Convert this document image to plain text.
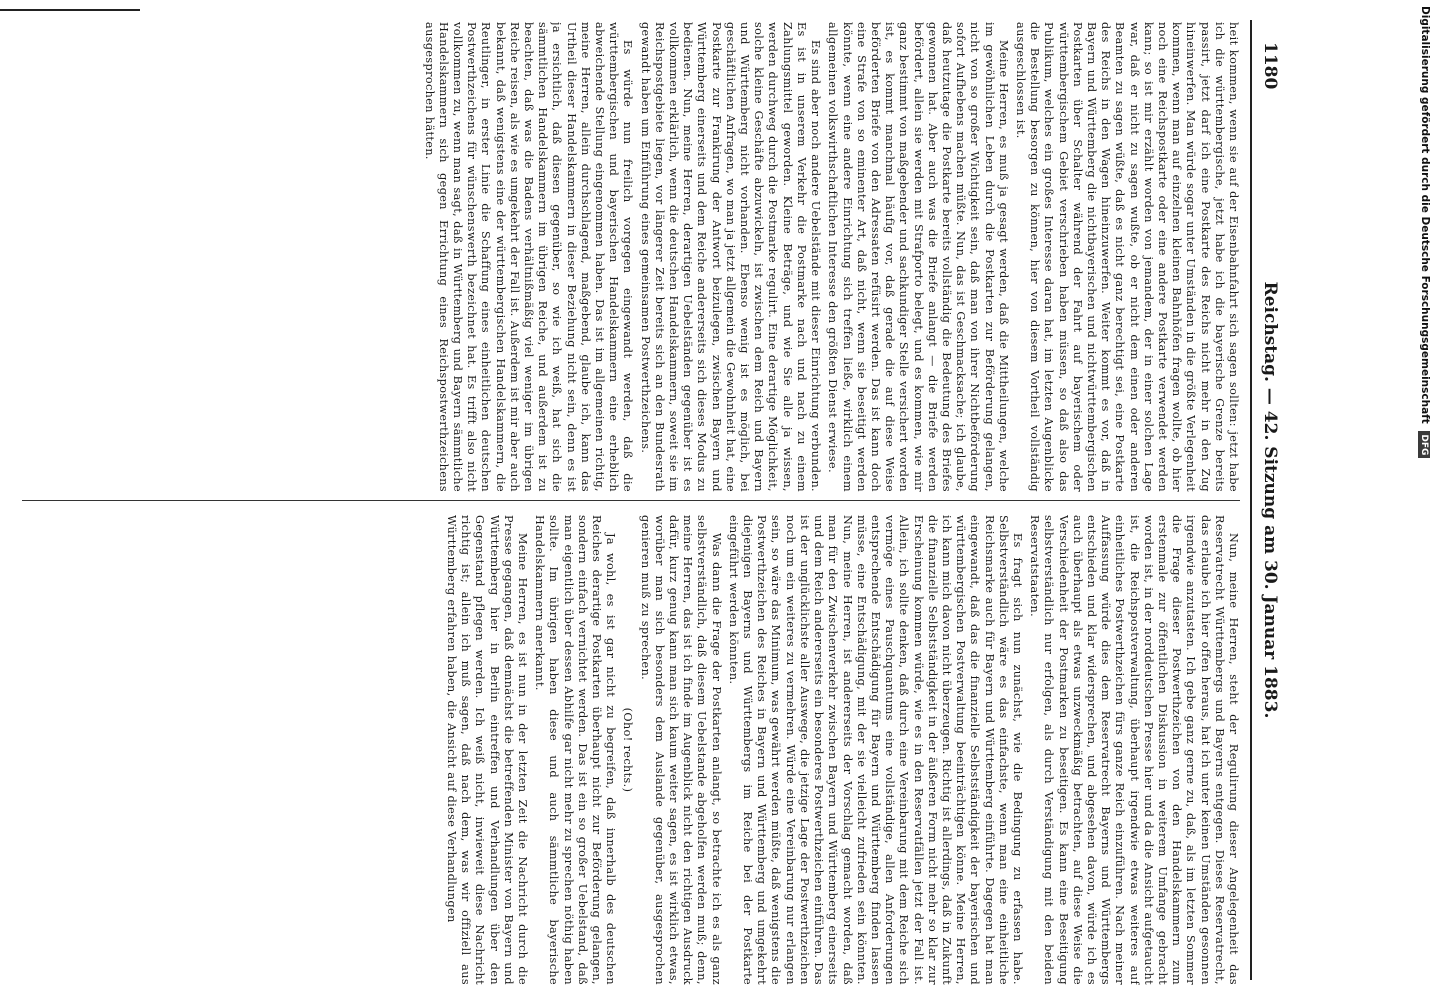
1180
Reichstag. — 42. Sitzung am 30. Januar 1883.

heit kommen, wenn sie auf der Eisenbahnfahrt sich sagen sollten: jetzt habe ich die württembergische, jetzt habe ich die bayerische Grenze bereits passirt, jetzt darf ich eine Postkarte des Reichs nicht mehr in den Zug hineinwerfen. Man würde sogar unter Umständen in die größte Verlegenheit kommen, wenn man auf einzelnen kleinen Bahnhöfen fragen wollte, ob hier noch eine Reichspostkarte oder eine andere Postkarte verwendet werden kann; so ist mir erzählt worden von jemandem, der in einer solchen Lage war, daß er nicht zu sagen wußte, ob er nicht dem einen oder anderen Beamten zu sagen wüßte, daß es nicht ganz berechtigt sei, eine Postkarte des Reichs in den Wagen hineinzuwerfen. Weiter kommt es vor, daß in Bayern und Württemberg die nichtbayerischen und nichtwürttembergischen Postkarten über Schalter während der Fahrt auf bayerischem oder württembergischem Gebiet verschrieben haben müssen, so daß also das Publikum, welches ein großes Interesse daran hat, im letzten Augenblicke die Bestellung besorgen zu können, hier von diesem Vortheil vollständig ausgeschlossen ist.

Meine Herren, es muß ja gesagt werden, daß die Mittheilungen, welche im gewöhnlichen Leben durch die Postkarten zur Beförderung gelangen, nicht von so großer Wichtigkeit sein, daß man von ihrer Nichtbeförderung sofort Aufhebens machen müßte. Nun, das ist Geschmacksache; ich glaube, daß heutzutage die Postkarte bereits vollständig die Bedeutung des Briefes gewonnen hat. Aber auch was die Briefe anlangt — die Briefe werden befördert, allein sie werden mit Strafporto belegt, und es kommen, wie mir ganz bestimmt von maßgebender und sachkundiger Stelle versichert worden ist, es kommt manchmal häufig vor, daß gerade die auf diese Weise beförderten Briefe von den Adressaten refüsirt werden. Das ist kann doch eine Strafe von so eminenter Art, daß nicht, wenn sie beseitigt werden könnte, wenn eine andere Einrichtung sich treffen ließe, wirklich einem allgemeinen volkswirthschaftlichen Interesse den größten Dienst erwiese.

Es sind aber noch andere Uebelstände mit dieser Einrichtung verbunden. Es ist in unserem Verkehr die Postmarke nach und nach zu einem Zahlungsmittel geworden. Kleine Beträge, und wie Sie alle ja wissen, werden durchweg durch die Postmarke regulirt. Eine derartige Möglichkeit, solche kleine Geschäfte abzuwickeln, ist zwischen dem Reich und Bayern und Württemberg nicht vorhanden. Ebenso wenig ist es möglich, bei geschäftlichen Anfragen, wo man ja jetzt allgemein die Gewohnheit hat, eine Postkarte zur Frankirung der Antwort beizulegen, zwischen Bayern und Württemberg einerseits und dem Reiche andererseits sich dieses Modus zu bedienen. Nun, meine Herren, derartigen Uebelständen gegenüber ist es vollkommen erklärlich, wenn die deutschen Handelskammern, soweit sie im Reichspostgebiete liegen, vor längerer Zeit bereits sich an den Bundesrath gewandt haben um Einführung eines gemeinsamen Postwerthzeichens.

Es würde nun freilich vorgegen eingewandt werden, daß die württembergischen und bayerischen Handelskammern eine erheblich abweichende Stellung eingenommen haben. Das ist im allgemeinen richtig, meine Herren, allein durchschlagend, maßgebend, glaube ich, kann das Urtheil dieser Handelskammern in dieser Beziehung nicht sein, denn es ist ja ersichtlich, daß diesen gegenüber, so wie ich weiß, hat sich die sämmtlichen Handelskammern im übrigen Reiche, und außerdem ist zu beachten, daß was die Badens verhältnißmäßig viel weniger im übrigen Reiche reisen, als wie es umgekehrt der Fall ist. Außerdem ist mir aber auch bekannt, daß wenigstens eine der württembergischen Handelskammern, die Reutlinger, in erster Linie die Schaffung eines einheitlichen deutschen Postwerthzeichens für wünschenswerth bezeichnet hat. Es trifft also nicht vollkommen zu, wenn man sagt, daß in Württemberg und Bayern sämmtliche Handelskammern sich gegen Errichtung eines Reichspostwerthzeichens ausgesprochen hätten.

Nun, meine Herren, steht der Regulirung dieser Angelegenheit das Reservatrecht Württembergs und Bayerns entgegen. Dieses Reservatrecht, das erlaube ich hier offen heraus, hat ich unter keinen Umständen gesonnen irgendwie anzutasten. Ich gebe ganz gerne zu, daß, als im letzten Sommer die Frage dieser Postwerthzeichen von den Handelskammern zum erstenmale zur öffentlichen Diskussion in weiterem Umfange gebracht worden ist, in der norddeutschen Presse hier und da die Ansicht aufgetaucht ist, die Reichspostverwaltung, überhaupt irgendwie etwas weiteres auf einheitliches Postwerthzeichen fürs ganze Reich einzuführen. Nach meiner Auffassung würde dies dem Reservatrecht Bayerns und Württembergs entschieden und klar widersprechen, und abgesehen davon, würde ich es auch überhaupt als etwas unzweckmäßig betrachten, auf diese Weise die Verschiedenheit der Postmarken zu beseitigen. Es kann eine Beseitigung selbstverständlich nur erfolgen, als durch Verständigung mit den beiden Reservatstaaten.

Es fragt sich nun zunächst, wie die Bedingung zu erfassen habe. Selbstverständlich wäre es das einfachste, wenn man eine einheitliche Reichsmarke auch für Bayern und Württemberg einführte. Dagegen hat man eingewandt, daß das die finanzielle Selbstständigkeit der bayerischen und württembergischen Postverwaltung beeinträchtigen könne. Meine Herren, ich kann mich davon nicht überzeugen. Richtig ist allerdings, daß in Zukunft die finanzielle Selbstständigkeit in der äußeren Form nicht mehr so klar zur Erscheinung kommen würde, wie es in den Reservatfällen jetzt der Fall ist. Allein, ich sollte denken, daß durch eine Vereinbarung mit dem Reiche sich vermöge eines Pauschquantums eine vollständige, allen Anforderungen entsprechende Entschädigung für Bayern und Württemberg finden lassen müsse, eine Entschädigung, mit der sie vielleicht zufrieden sein könnten. Nun, meine Herren, ist andererseits der Vorschlag gemacht worden, daß man für den Zwischenverkehr zwischen Bayern und Württemberg einerseits und dem Reich andererseits ein besonderes Postwerthzeichen einführen. Das ist der unglücklichste aller Auswege, die jetzige Lage der Postwerthzeichen noch um ein weiteres zu vermehren. Würde eine Vereinbarung nur erlangen sein, so wäre das Minimum, was gewährt werden müßte, daß wenigstens die Postwerthzeichen des Reiches in Bayern und Württemberg und umgekehrt diejenigen Bayerns und Württembergs im Reiche bei der Postkarte eingeführt werden könnten.

Was dann die Frage der Postkarten anlangt, so betrachte ich es als ganz selbstverständlich, daß diesem Uebelstande abgeholfen werden muß; denn, meine Herren, das ist ich finde im Augenblick nicht den richtigen Ausdruck dafür, kurz genug kann man sich kaum weiter sagen, es ist wirklich etwas, worüber man sich besonders dem Auslande gegenüber, ausgesprochen genieren muß zu sprechen.

(Oho! rechts.)

Ja wohl, es ist gar nicht zu begreifen, daß innerhalb des deutschen Reiches derartige Postkarten überhaupt nicht zur Beförderung gelangen, sondern einfach vernichtet werden. Das ist ein so großer Uebelstand, daß man eigentlich über dessen Abhilfe gar nicht mehr zu sprechen nöthig haben sollte. Im übrigen haben diese und auch sämmtliche bayerische Handelskammern anerkannt.

Meine Herren, es ist nun in der letzten Zeit die Nachricht durch die Presse gegangen, daß demnächst die betreffenden Minister von Bayern und Württemberg hier in Berlin eintreffen und Verhandlungen über den Gegenstand pflegen werden. Ich weiß nicht, inwieweit diese Nachricht richtig ist; allein ich muß sagen, daß nach dem, was wir offiziell aus Württemberg erfahren haben, die Ansicht auf diese Verhandlungen

Digitalisierung gefördert durch die Deutsche Forschungsgemeinschaft DFG
